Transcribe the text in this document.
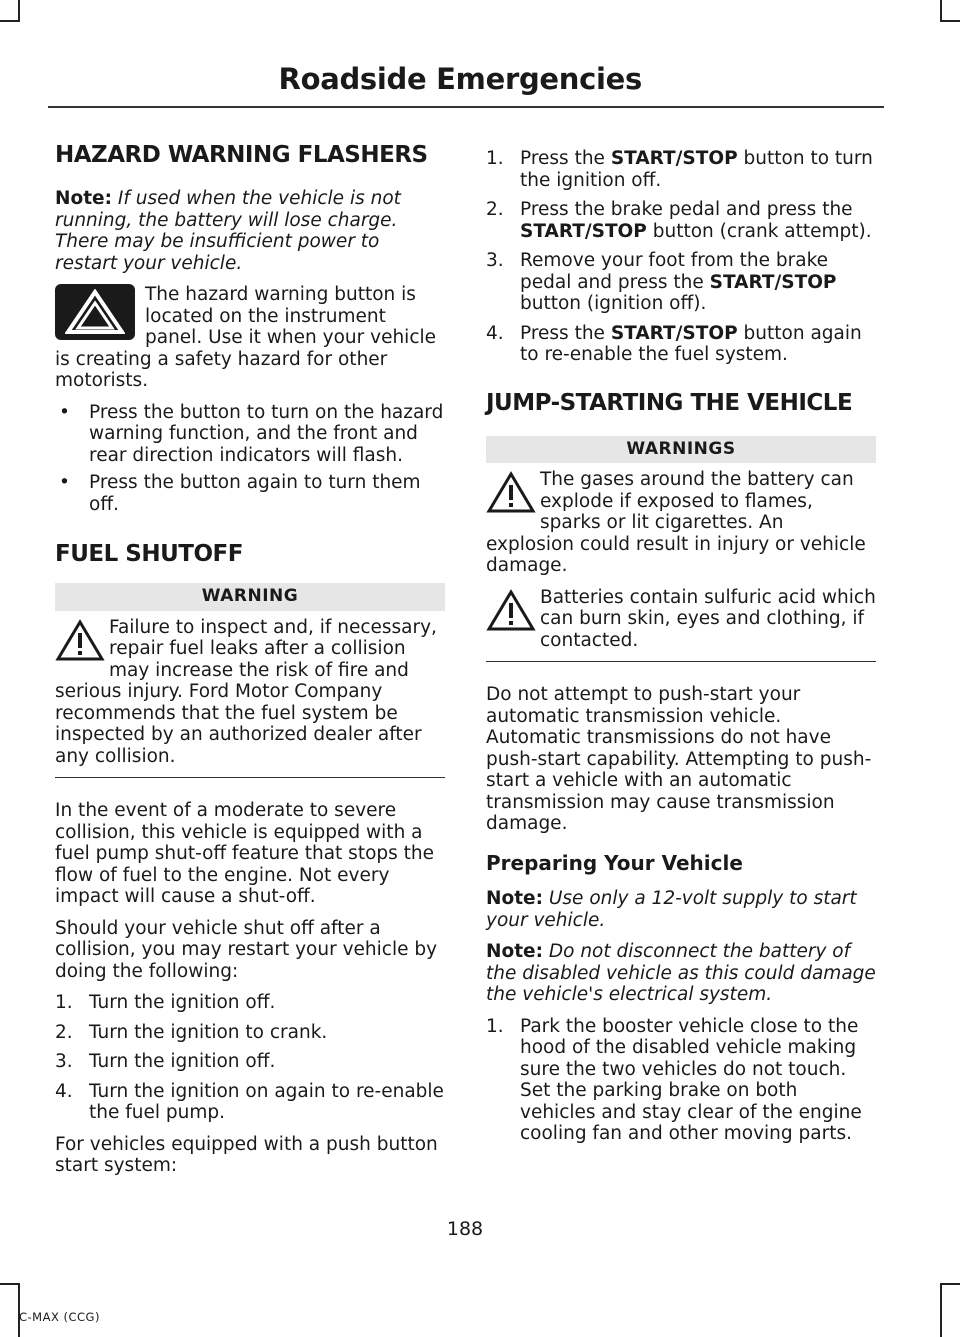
Roadside Emergencies
HAZARD WARNING FLASHERS

Note: If used when the vehicle is not running, the battery will lose charge. There may be insufficient power to restart your vehicle.

The hazard warning button is located on the instrument panel. Use it when your vehicle is creating a safety hazard for other motorists.
• Press the button to turn on the hazard warning function, and the front and rear direction indicators will flash.
• Press the button again to turn them off.
FUEL SHUTOFF
WARNING
Failure to inspect and, if necessary, repair fuel leaks after a collision may increase the risk of fire and serious injury. Ford Motor Company recommends that the fuel system be inspected by an authorized dealer after any collision.

In the event of a moderate to severe collision, this vehicle is equipped with a fuel pump shut-off feature that stops the flow of fuel to the engine. Not every impact will cause a shut-off.

Should your vehicle shut off after a collision, you may restart your vehicle by doing the following:

1. Turn the ignition off.
2. Turn the ignition to crank.
3. Turn the ignition off.
4. Turn the ignition on again to re-enable the fuel pump.

For vehicles equipped with a push button start system:

1. Press the START/STOP button to turn the ignition off.
2. Press the brake pedal and press the START/STOP button (crank attempt).
3. Remove your foot from the brake pedal and press the START/STOP button (ignition off).
4. Press the START/STOP button again to re-enable the fuel system.
JUMP-STARTING THE VEHICLE
WARNINGS
The gases around the battery can explode if exposed to flames, sparks or lit cigarettes. An explosion could result in injury or vehicle damage.
Batteries contain sulfuric acid which can burn skin, eyes and clothing, if contacted.

Do not attempt to push-start your automatic transmission vehicle. Automatic transmissions do not have push-start capability. Attempting to push-start a vehicle with an automatic transmission may cause transmission damage.

Preparing Your Vehicle

Note: Use only a 12-volt supply to start your vehicle.

Note: Do not disconnect the battery of the disabled vehicle as this could damage the vehicle's electrical system.

1. Park the booster vehicle close to the hood of the disabled vehicle making sure the two vehicles do not touch. Set the parking brake on both vehicles and stay clear of the engine cooling fan and other moving parts.
188
C-MAX (CCG)
